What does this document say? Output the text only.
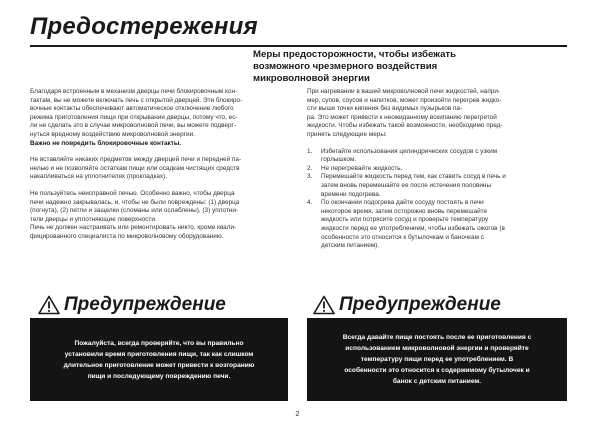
Предостережения
Меры предосторожности, чтобы избежать
возможного чрезмерного воздействия
микроволновой энергии
Благодаря встроенным в механизм дверцы печи блокировочным кон-
тактам, вы не можете включать печь с открытой дверцей. Эти блокиро-
вочные контакты обеспечивают автоматическое отключение любого
режима приготовления пищи при открывании дверцы, потому что, ес-
ли не сделать это в случае микроволновой печи, вы можете подверг-
нуться вредному воздействию микроволновой энергии.
Важно не повредить блокировочные контакты.
Не вставляйте никаких предметов между дверцей печи и передней па-
нелью и не позволяйте остаткам пищи или осадкам чистящих средств
накапливаться на уплотнителях (прокладках).
Не пользуйтесь неисправной печью. Особенно важно, чтобы дверца
печи надежно закрывалась, и, чтобы не были повреждены: (1) дверца
(погнута), (2) петли и защелки (сломаны или ослаблены), (3) уплотни-
тели дверцы и уплотняющие поверхности.
Печь не должен настраивать или ремонтировать никто, кроме квали-
фицированного специалиста по микроволновому оборудованию.
При нагревании в вашей микроволновой печи жидкостей, напри-
мер, супов, соусов и напитков, может произойти перегрев жидко-
сти выше точки кипения без видимых пузырьков па-
ра. Это может привести к неожиданному вскипанию перегретой
жидкости. Чтобы избежать такой возможности, необходимо пред-
принять следующие меры:
1. Избегайте использования цилиндрических сосудов с узким
горлышком.
2. Не перегревайте жидкость.
3. Перемешайте жидкость перед тем, как ставить сосуд в печь и
затем вновь перемешайте ее после истечения половины
времени подогрева.
4. По окончании подогрева дайте сосуду постоять в печи
некоторое время, затем осторожно вновь перемешайте
жидкость или потрясите сосуд и проверьте температуру
жидкости перед ее употреблением, чтобы избежать ожогов (в
особенности это относится к бутылочкам и баночкам с
детским питанием).
Предупреждение
Пожалуйста, всегда проверяйте, что вы правильно
установили время приготовления пищи, так как слишком
длительное приготовление может привести к возгоранию
пищи и последующему повреждению печи.
Предупреждение
Всегда давайте пище постоять после ее приготовления с
использованием микроволновой энергии и проверяйте
температуру пищи перед ее употреблением. В
особенности это относится к содержимому бутылочек и
банок с детским питанием.
2
